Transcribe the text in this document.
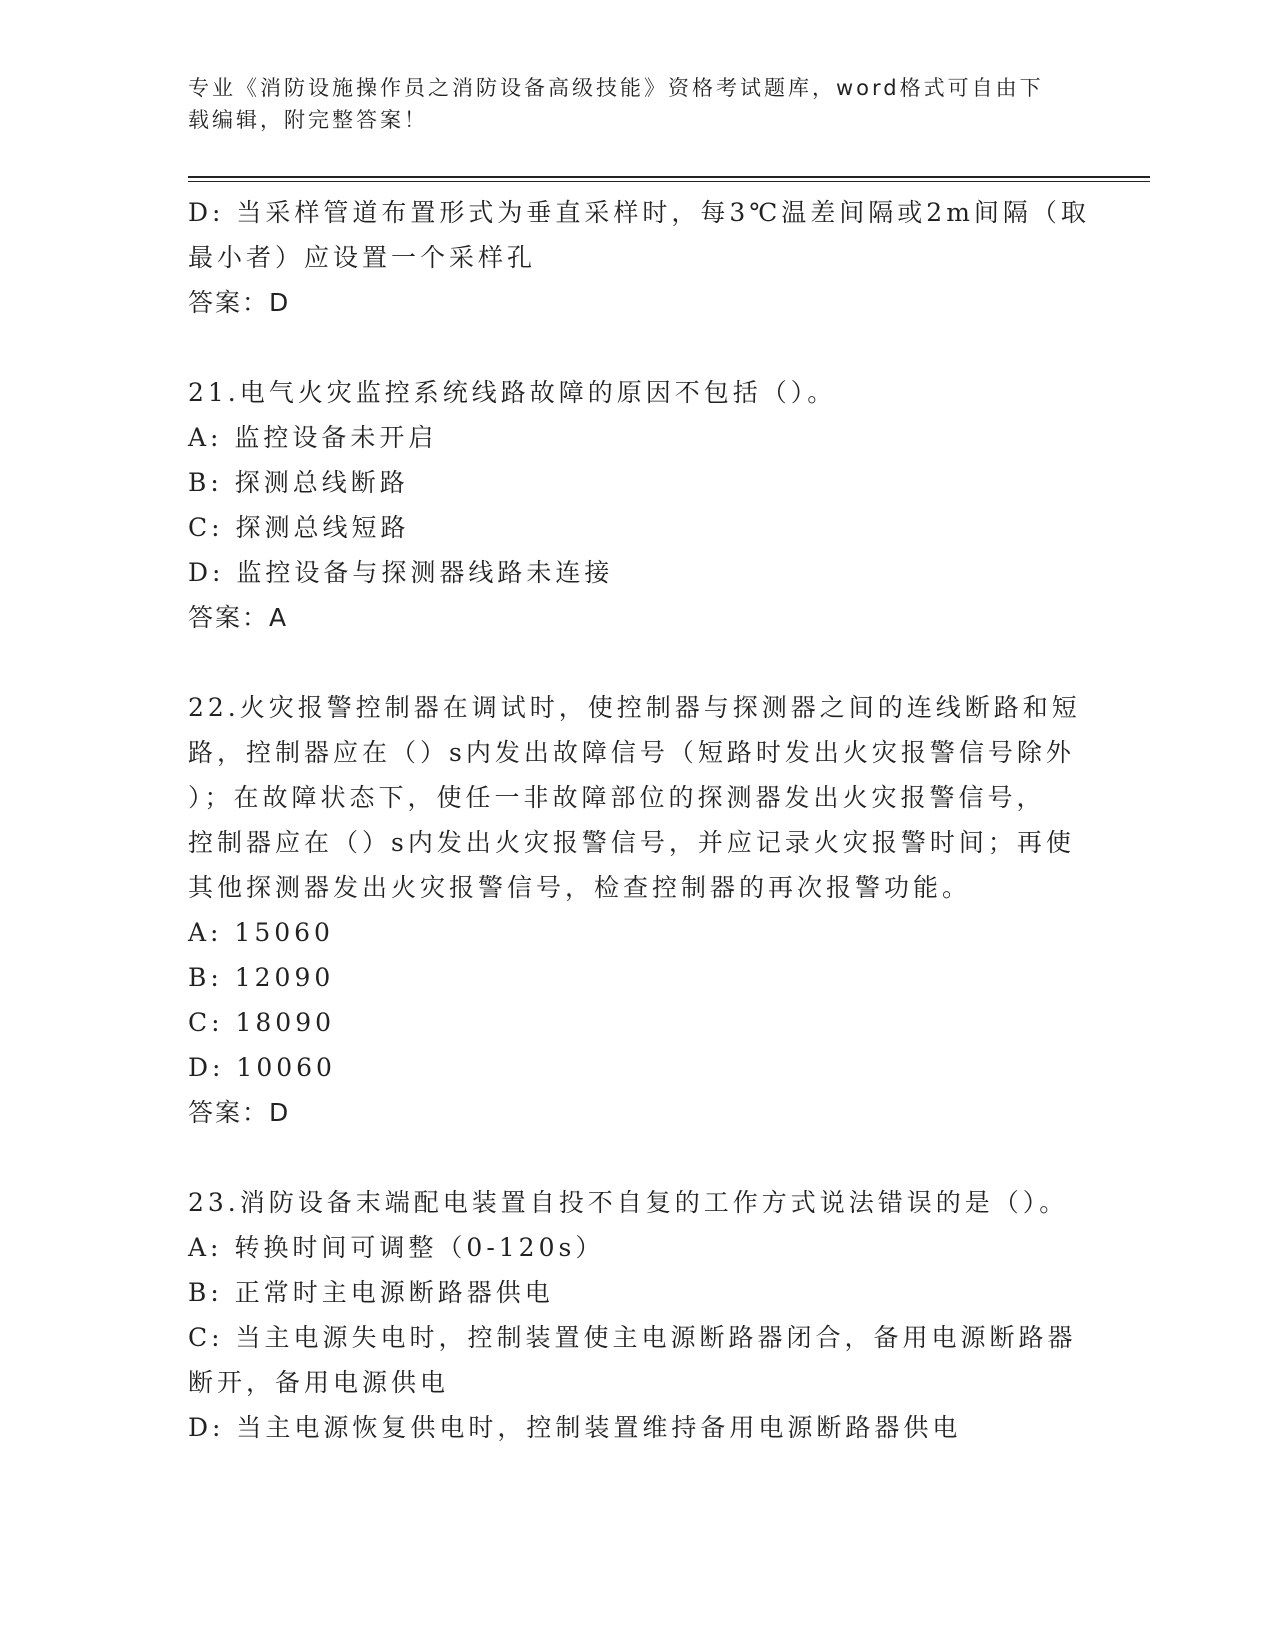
专业《消防设施操作员之消防设备高级技能》资格考试题库，word格式可自由下
载编辑，附完整答案！
D: 当采样管道布置形式为垂直采样时，每3℃温差间隔或2m间隔（取
最小者）应设置一个采样孔
答案：D
21.电气火灾监控系统线路故障的原因不包括（）。
A: 监控设备未开启
B: 探测总线断路
C: 探测总线短路
D: 监控设备与探测器线路未连接
答案：A
22.火灾报警控制器在调试时，使控制器与探测器之间的连线断路和短
路，控制器应在（）s内发出故障信号（短路时发出火灾报警信号除外
）；在故障状态下，使任一非故障部位的探测器发出火灾报警信号，
控制器应在（）s内发出火灾报警信号，并应记录火灾报警时间；再使
其他探测器发出火灾报警信号，检查控制器的再次报警功能。
A: 15060
B: 12090
C: 18090
D: 10060
答案：D
23.消防设备末端配电装置自投不自复的工作方式说法错误的是（）。
A: 转换时间可调整（0-120s）
B: 正常时主电源断路器供电
C: 当主电源失电时，控制装置使主电源断路器闭合，备用电源断路器
断开，备用电源供电
D: 当主电源恢复供电时，控制装置维持备用电源断路器供电
